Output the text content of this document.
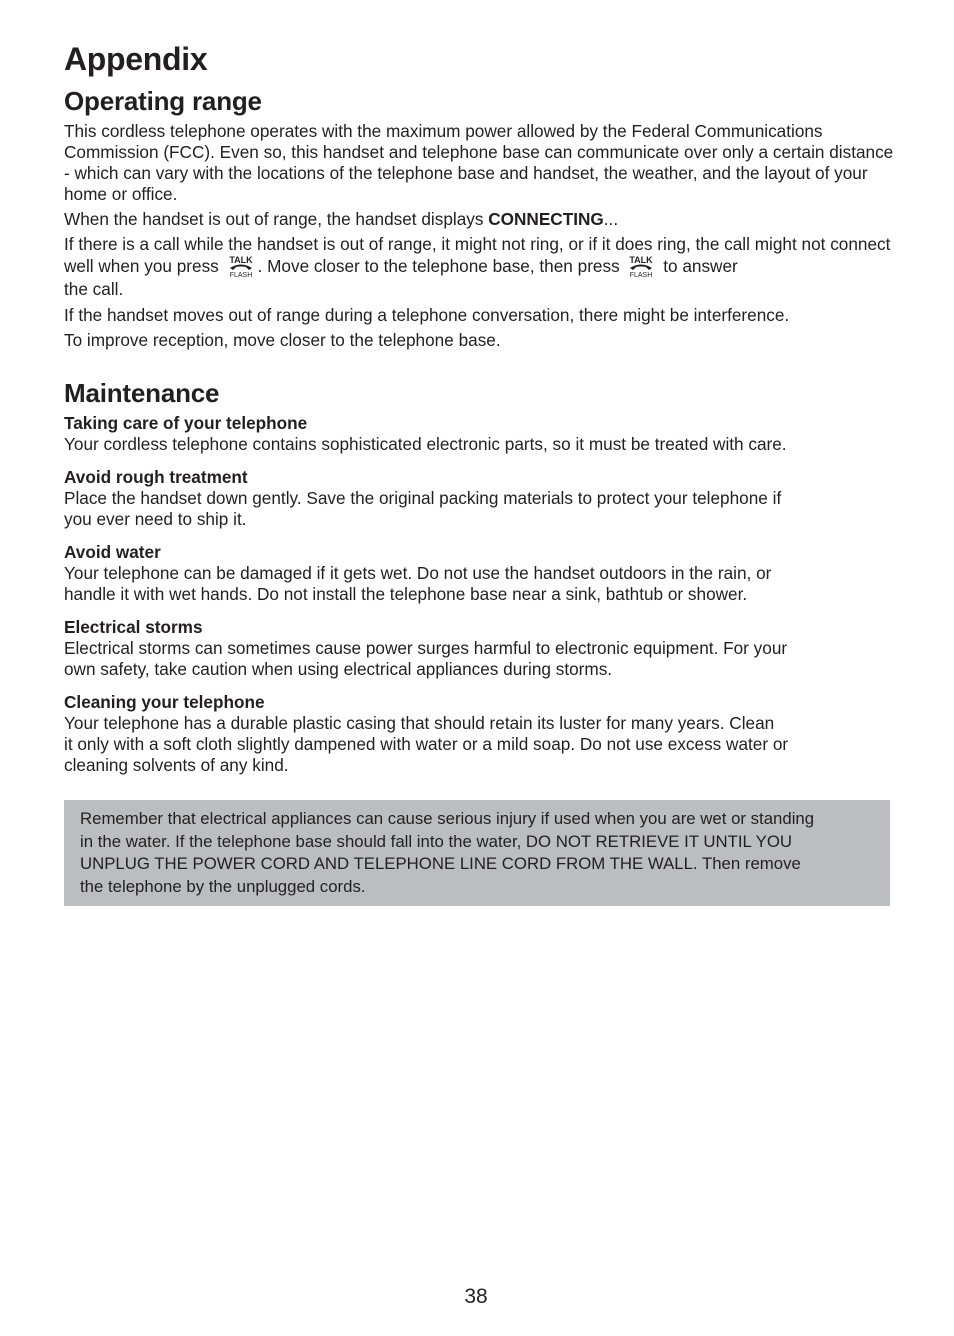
Appendix
Operating range

This cordless telephone operates with the maximum power allowed by the Federal Communications Commission (FCC). Even so, this handset and telephone base can communicate over only a certain distance - which can vary with the locations of the telephone base and handset, the weather, and the layout of your home or office.

When the handset is out of range, the handset displays CONNECTING...

If there is a call while the handset is out of range, it might not ring, or if it does ring, the call might not connect well when you press TALK
FLASH . Move closer to the telephone base, then press TALK
FLASH to answer
the call.

If the handset moves out of range during a telephone conversation, there might be interference.

To improve reception, move closer to the telephone base.

Maintenance

Taking care of your telephone

Your cordless telephone contains sophisticated electronic parts, so it must be treated with care.

Avoid rough treatment

Place the handset down gently. Save the original packing materials to protect your telephone if
you ever need to ship it.

Avoid water

Your telephone can be damaged if it gets wet. Do not use the handset outdoors in the rain, or
handle it with wet hands. Do not install the telephone base near a sink, bathtub or shower.

Electrical storms

Electrical storms can sometimes cause power surges harmful to electronic equipment. For your
own safety, take caution when using electrical appliances during storms.

Cleaning your telephone

Your telephone has a durable plastic casing that should retain its luster for many years. Clean
it only with a soft cloth slightly dampened with water or a mild soap. Do not use excess water or
cleaning solvents of any kind.

Remember that electrical appliances can cause serious injury if used when you are wet or standing
in the water. If the telephone base should fall into the water, DO NOT RETRIEVE IT UNTIL YOU
UNPLUG THE POWER CORD AND TELEPHONE LINE CORD FROM THE WALL. Then remove
the telephone by the unplugged cords.

38
